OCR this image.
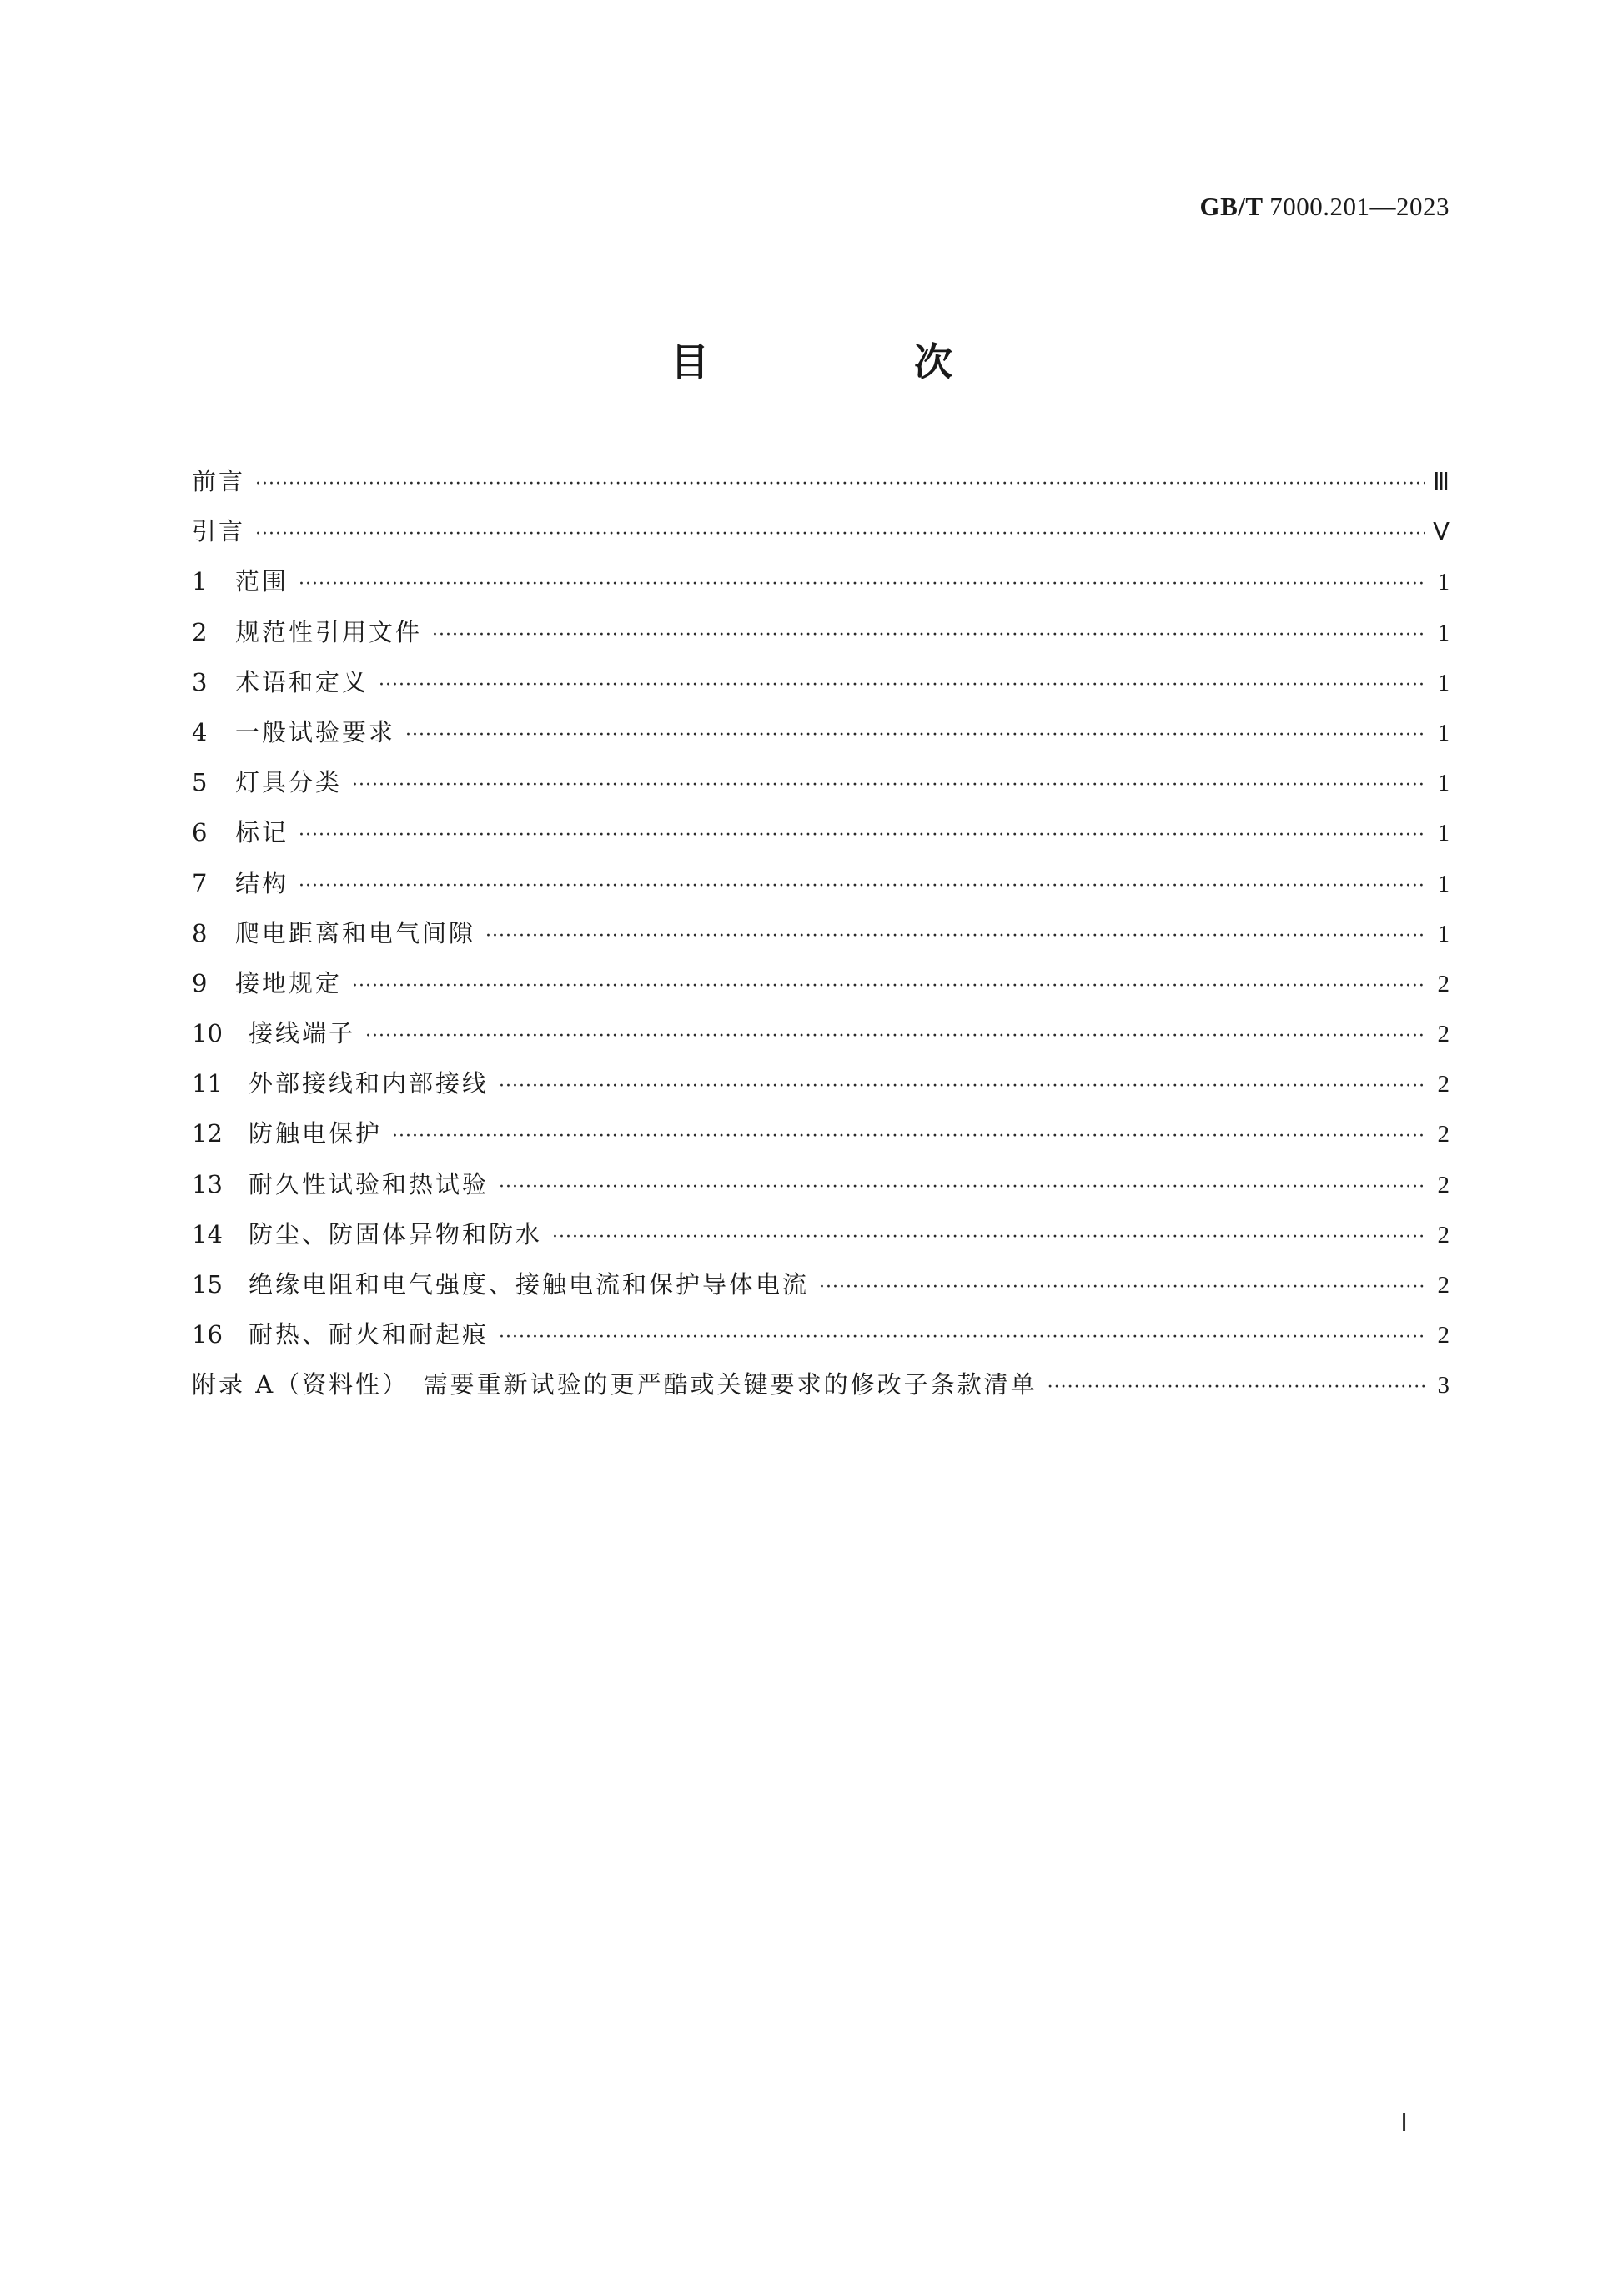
GB/T 7000.201—2023
目　次
前言 ·····	Ⅲ
引言 ·····	Ⅴ
1	范围 ·····	1
2	规范性引用文件 ·····	1
3	术语和定义 ·····	1
4	一般试验要求 ·····	1
5	灯具分类 ·····	1
6	标记 ·····	1
7	结构 ·····	1
8	爬电距离和电气间隙 ·····	1
9	接地规定 ·····	2
10	接线端子 ·····	2
11	外部接线和内部接线 ·····	2
12	防触电保护 ·····	2
13	耐久性试验和热试验 ·····	2
14	防尘、防固体异物和防水 ·····	2
15	绝缘电阻和电气强度、接触电流和保护导体电流 ·····	2
16	耐热、耐火和耐起痕 ·····	2
附录 A（资料性）　需要重新试验的更严酷或关键要求的修改子条款清单 ·····	3
Ⅰ
